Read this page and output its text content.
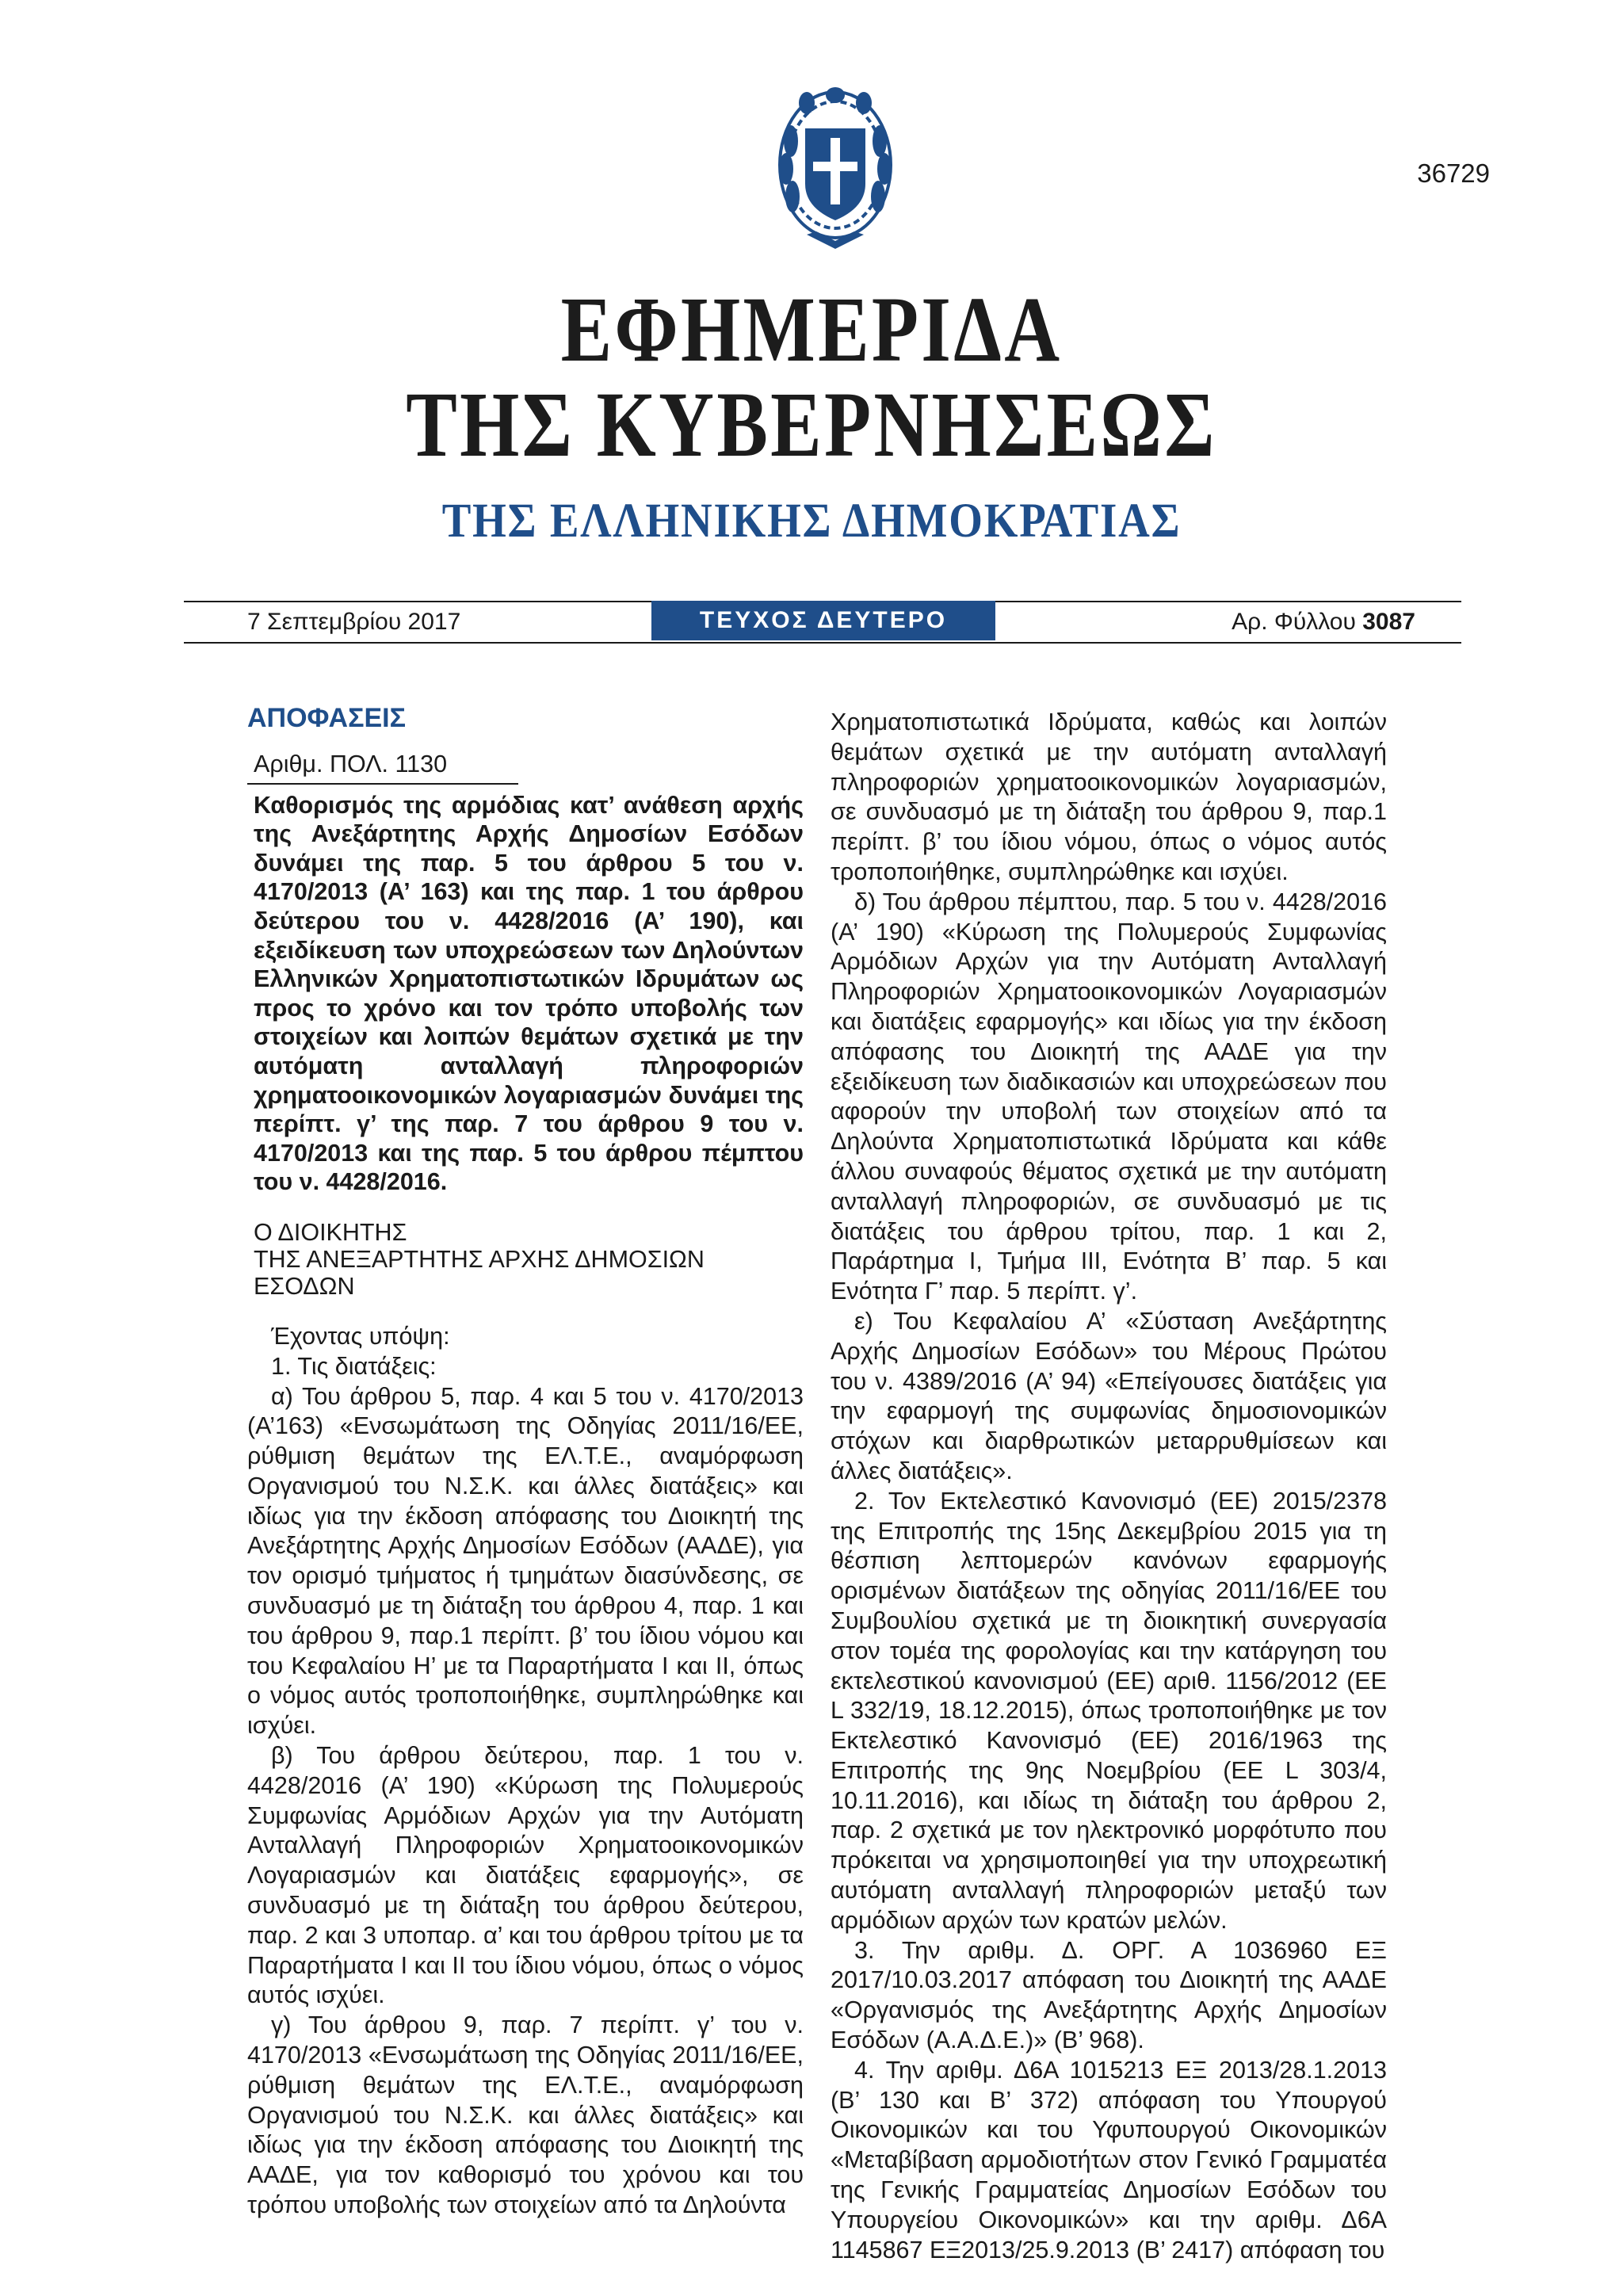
36729
ΕΦΗΜΕΡΙΔΑ
ΤΗΣ ΚΥΒΕΡΝΗΣΕΩΣ
ΤΗΣ ΕΛΛΗΝΙΚΗΣ ΔΗΜΟΚΡΑΤΙΑΣ
7 Σεπτεμβρίου 2017	ΤΕΥΧΟΣ ΔΕΥΤΕΡΟ	Αρ. Φύλλου 3087
ΑΠΟΦΑΣΕΙΣ
Αριθμ. ΠΟΛ. 1130
Καθορισμός της αρμόδιας κατ’ ανάθεση αρχής της Ανεξάρτητης Αρχής Δημοσίων Εσόδων δυνάμει της παρ. 5 του άρθρου 5 του ν. 4170/2013 (Α’ 163) και της παρ. 1 του άρθρου δεύτερου του ν. 4428/2016 (Α’ 190), και εξειδίκευση των υποχρεώσεων των Δηλούντων Ελληνικών Χρηματοπιστωτικών Ιδρυμάτων ως προς το χρόνο και τον τρόπο υποβολής των στοιχείων και λοιπών θεμάτων σχετικά με την αυτόματη ανταλλαγή πληροφοριών χρηματοοικονομικών λογαριασμών δυνάμει της περίπτ. γ’ της παρ. 7 του άρθρου 9 του ν. 4170/2013 και της παρ. 5 του άρθρου πέμπτου του ν. 4428/2016.
Ο ΔΙΟΙΚΗΤΗΣ
ΤΗΣ ΑΝΕΞΑΡΤΗΤΗΣ ΑΡΧΗΣ ΔΗΜΟΣΙΩΝ ΕΣΟΔΩΝ

Έχοντας υπόψη:

1. Τις διατάξεις:

α) Του άρθρου 5, παρ. 4 και 5 του ν. 4170/2013 (Α’163) «Ενσωμάτωση της Οδηγίας 2011/16/ΕΕ, ρύθμιση θεμάτων της ΕΛ.Τ.Ε., αναμόρφωση Οργανισμού του Ν.Σ.Κ. και άλλες διατάξεις» και ιδίως για την έκδοση απόφασης του Διοικητή της Ανεξάρτητης Αρχής Δημοσίων Εσόδων (ΑΑΔΕ), για τον ορισμό τμήματος ή τμημάτων διασύνδεσης, σε συνδυασμό με τη διάταξη του άρθρου 4, παρ. 1 και του άρθρου 9, παρ.1 περίπτ. β’ του ίδιου νόμου και του Κεφαλαίου Η’ με τα Παραρτήματα Ι και ΙΙ, όπως ο νόμος αυτός τροποποιήθηκε, συμπληρώθηκε και ισχύει.

β) Του άρθρου δεύτερου, παρ. 1 του ν. 4428/2016 (Α’ 190) «Κύρωση της Πολυμερούς Συμφωνίας Αρμόδιων Αρχών για την Αυτόματη Ανταλλαγή Πληροφοριών Χρηματοοικονομικών Λογαριασμών και διατάξεις εφαρμογής», σε συνδυασμό με τη διάταξη του άρθρου δεύτερου, παρ. 2 και 3 υποπαρ. α’ και του άρθρου τρίτου με τα Παραρτήματα Ι και ΙΙ του ίδιου νόμου, όπως ο νόμος αυτός ισχύει.

γ) Του άρθρου 9, παρ. 7 περίπτ. γ’ του ν. 4170/2013 «Ενσωμάτωση της Οδηγίας 2011/16/ΕΕ, ρύθμιση θεμάτων της ΕΛ.Τ.Ε., αναμόρφωση Οργανισμού του Ν.Σ.Κ. και άλλες διατάξεις» και ιδίως για την έκδοση απόφασης του Διοικητή της ΑΑΔΕ, για τον καθορισμό του χρόνου και του τρόπου υποβολής των στοιχείων από τα Δηλούντα

Χρηματοπιστωτικά Ιδρύματα, καθώς και λοιπών θεμάτων σχετικά με την αυτόματη ανταλλαγή πληροφοριών χρηματοοικονομικών λογαριασμών, σε συνδυασμό με τη διάταξη του άρθρου 9, παρ.1 περίπτ. β’ του ίδιου νόμου, όπως ο νόμος αυτός τροποποιήθηκε, συμπληρώθηκε και ισχύει.

δ) Του άρθρου πέμπτου, παρ. 5 του ν. 4428/2016 (Α’ 190) «Κύρωση της Πολυμερούς Συμφωνίας Αρμόδιων Αρχών για την Αυτόματη Ανταλλαγή Πληροφοριών Χρηματοοικονομικών Λογαριασμών και διατάξεις εφαρμογής» και ιδίως για την έκδοση απόφασης του Διοικητή της ΑΑΔΕ για την εξειδίκευση των διαδικασιών και υποχρεώσεων που αφορούν την υποβολή των στοιχείων από τα Δηλούντα Χρηματοπιστωτικά Ιδρύματα και κάθε άλλου συναφούς θέματος σχετικά με την αυτόματη ανταλλαγή πληροφοριών, σε συνδυασμό με τις διατάξεις του άρθρου τρίτου, παρ. 1 και 2, Παράρτημα Ι, Τμήμα ΙΙΙ, Ενότητα Β’ παρ. 5 και Ενότητα Γ’ παρ. 5 περίπτ. γ’.

ε) Του Κεφαλαίου Α’ «Σύσταση Ανεξάρτητης Αρχής Δημοσίων Εσόδων» του Μέρους Πρώτου του ν. 4389/2016 (Α’ 94) «Επείγουσες διατάξεις για την εφαρμογή της συμφωνίας δημοσιονομικών στόχων και διαρθρωτικών μεταρρυθμίσεων και άλλες διατάξεις».

2. Τον Εκτελεστικό Κανονισμό (ΕΕ) 2015/2378 της Επιτροπής της 15ης Δεκεμβρίου 2015 για τη θέσπιση λεπτομερών κανόνων εφαρμογής ορισμένων διατάξεων της οδηγίας 2011/16/ΕΕ του Συμβουλίου σχετικά με τη διοικητική συνεργασία στον τομέα της φορολογίας και την κατάργηση του εκτελεστικού κανονισμού (ΕΕ) αριθ. 1156/2012 (EE L 332/19, 18.12.2015), όπως τροποποιήθηκε με τον Εκτελεστικό Κανονισμό (ΕΕ) 2016/1963 της Επιτροπής της 9ης Νοεμβρίου (EE L 303/4, 10.11.2016), και ιδίως τη διάταξη του άρθρου 2, παρ. 2 σχετικά με τον ηλεκτρονικό μορφότυπο που πρόκειται να χρησιμοποιηθεί για την υποχρεωτική αυτόματη ανταλλαγή πληροφοριών μεταξύ των αρμόδιων αρχών των κρατών μελών.

3. Την αριθμ. Δ. ΟΡΓ. Α 1036960 ΕΞ 2017/10.03.2017 απόφαση του Διοικητή της ΑΑΔΕ «Οργανισμός της Ανεξάρτητης Αρχής Δημοσίων Εσόδων (Α.Α.Δ.Ε.)» (Β’ 968).

4. Την αριθμ. Δ6Α 1015213 ΕΞ 2013/28.1.2013 (Β’ 130 και Β’ 372) απόφαση του Υπουργού Οικονομικών και του Υφυπουργού Οικονομικών «Μεταβίβαση αρμοδιοτήτων στον Γενικό Γραμματέα της Γενικής Γραμματείας Δημοσίων Εσόδων του Υπουργείου Οικονομικών» και την αριθμ. Δ6Α 1145867 ΕΞ2013/25.9.2013 (Β’ 2417) απόφαση του
